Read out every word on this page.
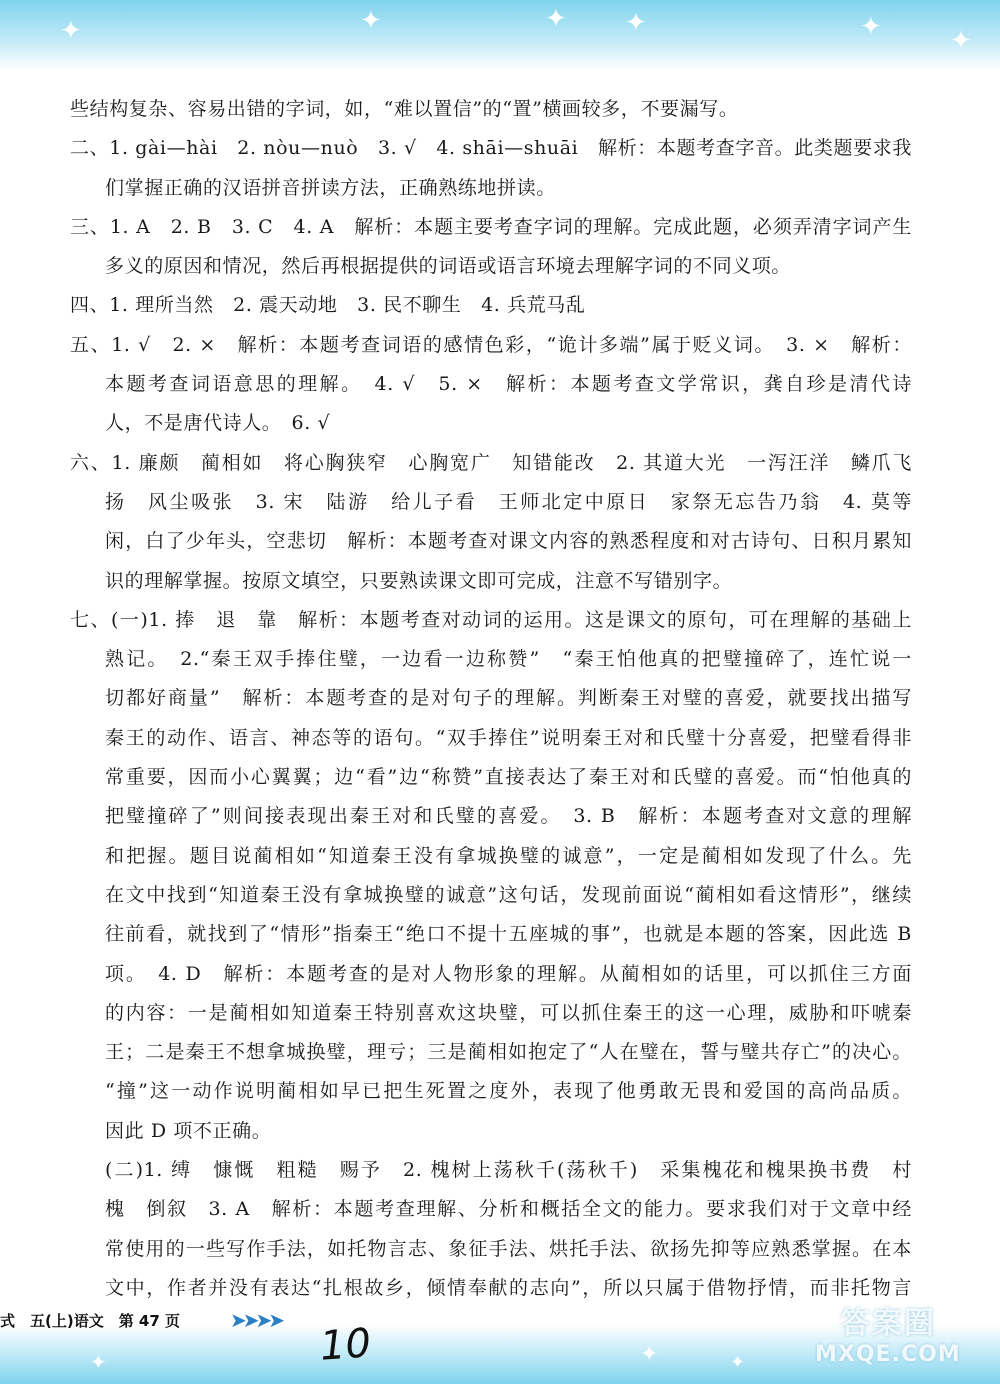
✦	✦	✦ ✦	✦	✦
些结构复杂、容易出错的字词，如，“难以置信”的“置”横画较多，不要漏写。
二、1. gài—hài　2. nòu—nuò　3. √　4. shāi—shuāi　解析：本题考查字音。此类题要求我
们掌握正确的汉语拼音拼读方法，正确熟练地拼读。
三、1. A　2. B　3. C　4. A　解析：本题主要考查字词的理解。完成此题，必须弄清字词产生
多义的原因和情况，然后再根据提供的词语或语言环境去理解字词的不同义项。
四、1. 理所当然　2. 震天动地　3. 民不聊生　4. 兵荒马乱
五、1. √　2. ×　解析：本题考查词语的感情色彩，“诡计多端”属于贬义词。　3. ×　解析：
本题考查词语意思的理解。　4. √　5. ×　解析：本题考查文学常识，龚自珍是清代诗
人，不是唐代诗人。　6. √
六、1. 廉颇　蔺相如　将心胸狭窄　心胸宽广　知错能改　2. 其道大光　一泻汪洋　鳞爪飞
扬　风尘吸张　3. 宋　陆游　给儿子看　王师北定中原日　家祭无忘告乃翁　4. 莫等
闲，白了少年头，空悲切　解析：本题考查对课文内容的熟悉程度和对古诗句、日积月累知
识的理解掌握。按原文填空，只要熟读课文即可完成，注意不写错别字。
七、(一)1. 捧　退　靠　解析：本题考查对动词的运用。这是课文的原句，可在理解的基础上
熟记。　2.“秦王双手捧住璧，一边看一边称赞”　“秦王怕他真的把璧撞碎了，连忙说一
切都好商量”　解析：本题考查的是对句子的理解。判断秦王对璧的喜爱，就要找出描写
秦王的动作、语言、神态等的语句。“双手捧住”说明秦王对和氏璧十分喜爱，把璧看得非
常重要，因而小心翼翼；边“看”边“称赞”直接表达了秦王对和氏璧的喜爱。而“怕他真的
把璧撞碎了”则间接表现出秦王对和氏璧的喜爱。　3. B　解析：本题考查对文意的理解
和把握。题目说蔺相如“知道秦王没有拿城换璧的诚意”，一定是蔺相如发现了什么。先
在文中找到“知道秦王没有拿城换璧的诚意”这句话，发现前面说“蔺相如看这情形”，继续
往前看，就找到了“情形”指秦王“绝口不提十五座城的事”，也就是本题的答案，因此选 B
项。　4. D　解析：本题考查的是对人物形象的理解。从蔺相如的话里，可以抓住三方面
的内容：一是蔺相如知道秦王特别喜欢这块璧，可以抓住秦王的这一心理，威胁和吓唬秦
王；二是秦王不想拿城换璧，理亏；三是蔺相如抱定了“人在璧在，誓与璧共存亡”的决心。
“撞”这一动作说明蔺相如早已把生死置之度外，表现了他勇敢无畏和爱国的高尚品质。
因此 D 项不正确。
(二)1. 缚　慷慨　粗糙　赐予　2. 槐树上荡秋千(荡秋千)　采集槐花和槐果换书费　村
槐　倒叙　3. A　解析：本题考查理解、分析和概括全文的能力。要求我们对于文章中经
常使用的一些写作手法，如托物言志、象征手法、烘托手法、欲扬先抑等应熟悉掌握。在本
文中，作者并没有表达“扎根故乡，倾情奉献的志向”，所以只属于借物抒情，而非托物言
✦	✦	✦
式　五(上)语文　第 47 页 ➤➤➤➤
10	答案圈
MXQE.COM
